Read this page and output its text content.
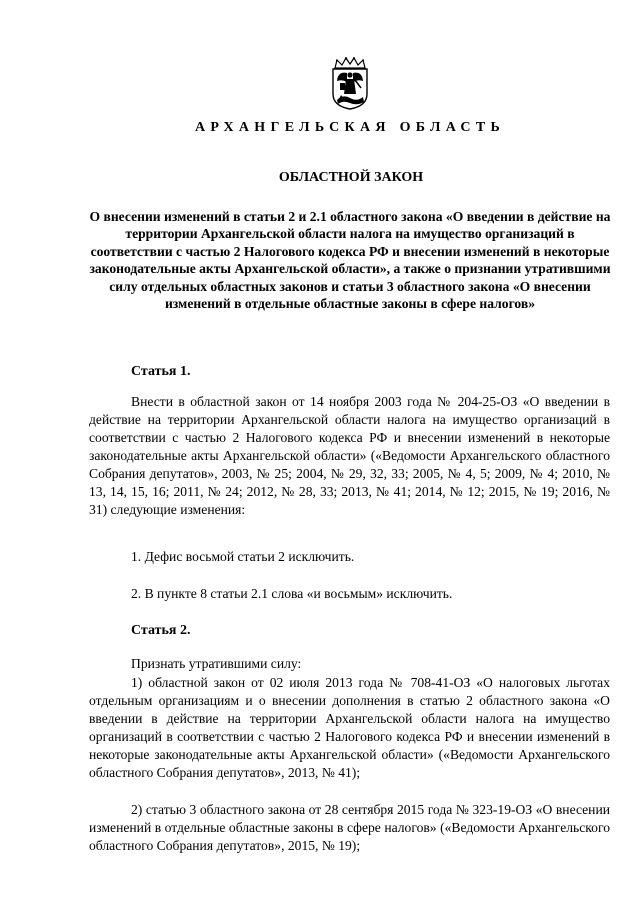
АРХАНГЕЛЬСКАЯ ОБЛАСТЬ
ОБЛАСТНОЙ ЗАКОН
О внесении изменений в статьи 2 и 2.1 областного закона «О введении в действие на территории Архангельской области налога на имущество организаций в соответствии с частью 2 Налогового кодекса РФ и внесении изменений в некоторые законодательные акты Архангельской области», а также о признании утратившими силу отдельных областных законов и статьи 3 областного закона «О внесении изменений в отдельные областные законы в сфере налогов»
Статья 1.
Внести в областной закон от 14 ноября 2003 года № 204-25-ОЗ «О введении в действие на территории Архангельской области налога на имущество организаций в соответствии с частью 2 Налогового кодекса РФ и внесении изменений в некоторые законодательные акты Архангельской области» («Ведомости Архангельского областного Собрания депутатов», 2003, № 25; 2004, № 29, 32, 33; 2005, № 4, 5; 2009, № 4; 2010, № 13, 14, 15, 16; 2011, № 24; 2012, № 28, 33; 2013, № 41; 2014, № 12; 2015, № 19; 2016, № 31) следующие изменения:
1. Дефис восьмой статьи 2 исключить.
2. В пункте 8 статьи 2.1 слова «и восьмым» исключить.
Статья 2.
Признать утратившими силу:
1) областной закон от 02 июля 2013 года № 708-41-ОЗ «О налоговых льготах отдельным организациям и о внесении дополнения в статью 2 областного закона «О введении в действие на территории Архангельской области налога на имущество организаций в соответствии с частью 2 Налогового кодекса РФ и внесении изменений в некоторые законодательные акты Архангельской области» («Ведомости Архангельского областного Собрания депутатов», 2013, № 41);
2) статью 3 областного закона от 28 сентября 2015 года № 323-19-ОЗ «О внесении изменений в отдельные областные законы в сфере налогов» («Ведомости Архангельского областного Собрания депутатов», 2015, № 19);
